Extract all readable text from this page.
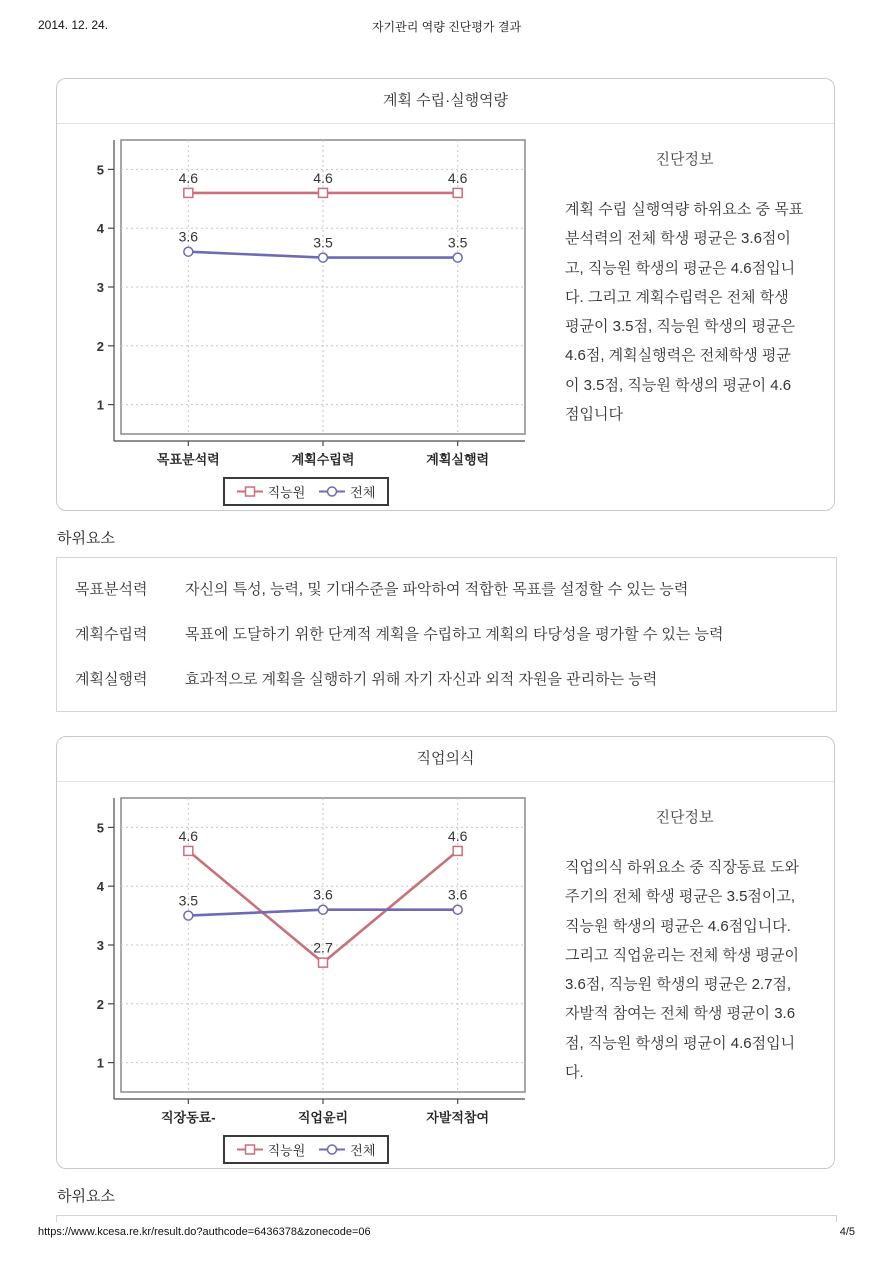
2014. 12. 24.	자기관리 역량 진단평가 결과
계획 수립·실행역량
1
2
3
4
5
목표분석력	계획수립력	계획실행력
4.6	4.6	4.6
3.6	3.5	3.5
직능원	전체
진단정보
계획 수립 실행역량 하위요소 중 목표분석력의 전체 학생 평균은 3.6점이고, 직능원 학생의 평균은 4.6점입니다. 그리고 계획수립력은 전체 학생 평균이 3.5점, 직능원 학생의 평균은 4.6점, 계획실행력은 전체학생 평균이 3.5점, 직능원 학생의 평균이 4.6점입니다
하위요소
목표분석력	자신의 특성, 능력, 및 기대수준을 파악하여 적합한 목표를 설정할 수 있는 능력
계획수립력	목표에 도달하기 위한 단계적 계획을 수립하고 계획의 타당성을 평가할 수 있는 능력
계획실행력	효과적으로 계획을 실행하기 위해 자기 자신과 외적 자원을 관리하는 능력
직업의식
1
2
3
4
5
직장동료-	직업윤리	자발적참여
4.6
2.7
4.6
3.5	3.6	3.6
직능원	전체
진단정보
직업의식 하위요소 중 직장동료 도와주기의 전체 학생 평균은 3.5점이고, 직능원 학생의 평균은 4.6점입니다. 그리고 직업윤리는 전체 학생 평균이 3.6점, 직능원 학생의 평균은 2.7점, 자발적 참여는 전체 학생 평균이 3.6점, 직능원 학생의 평균이 4.6점입니다.
하위요소
https://www.kcesa.re.kr/result.do?authcode=6436378&zonecode=06	4/5
